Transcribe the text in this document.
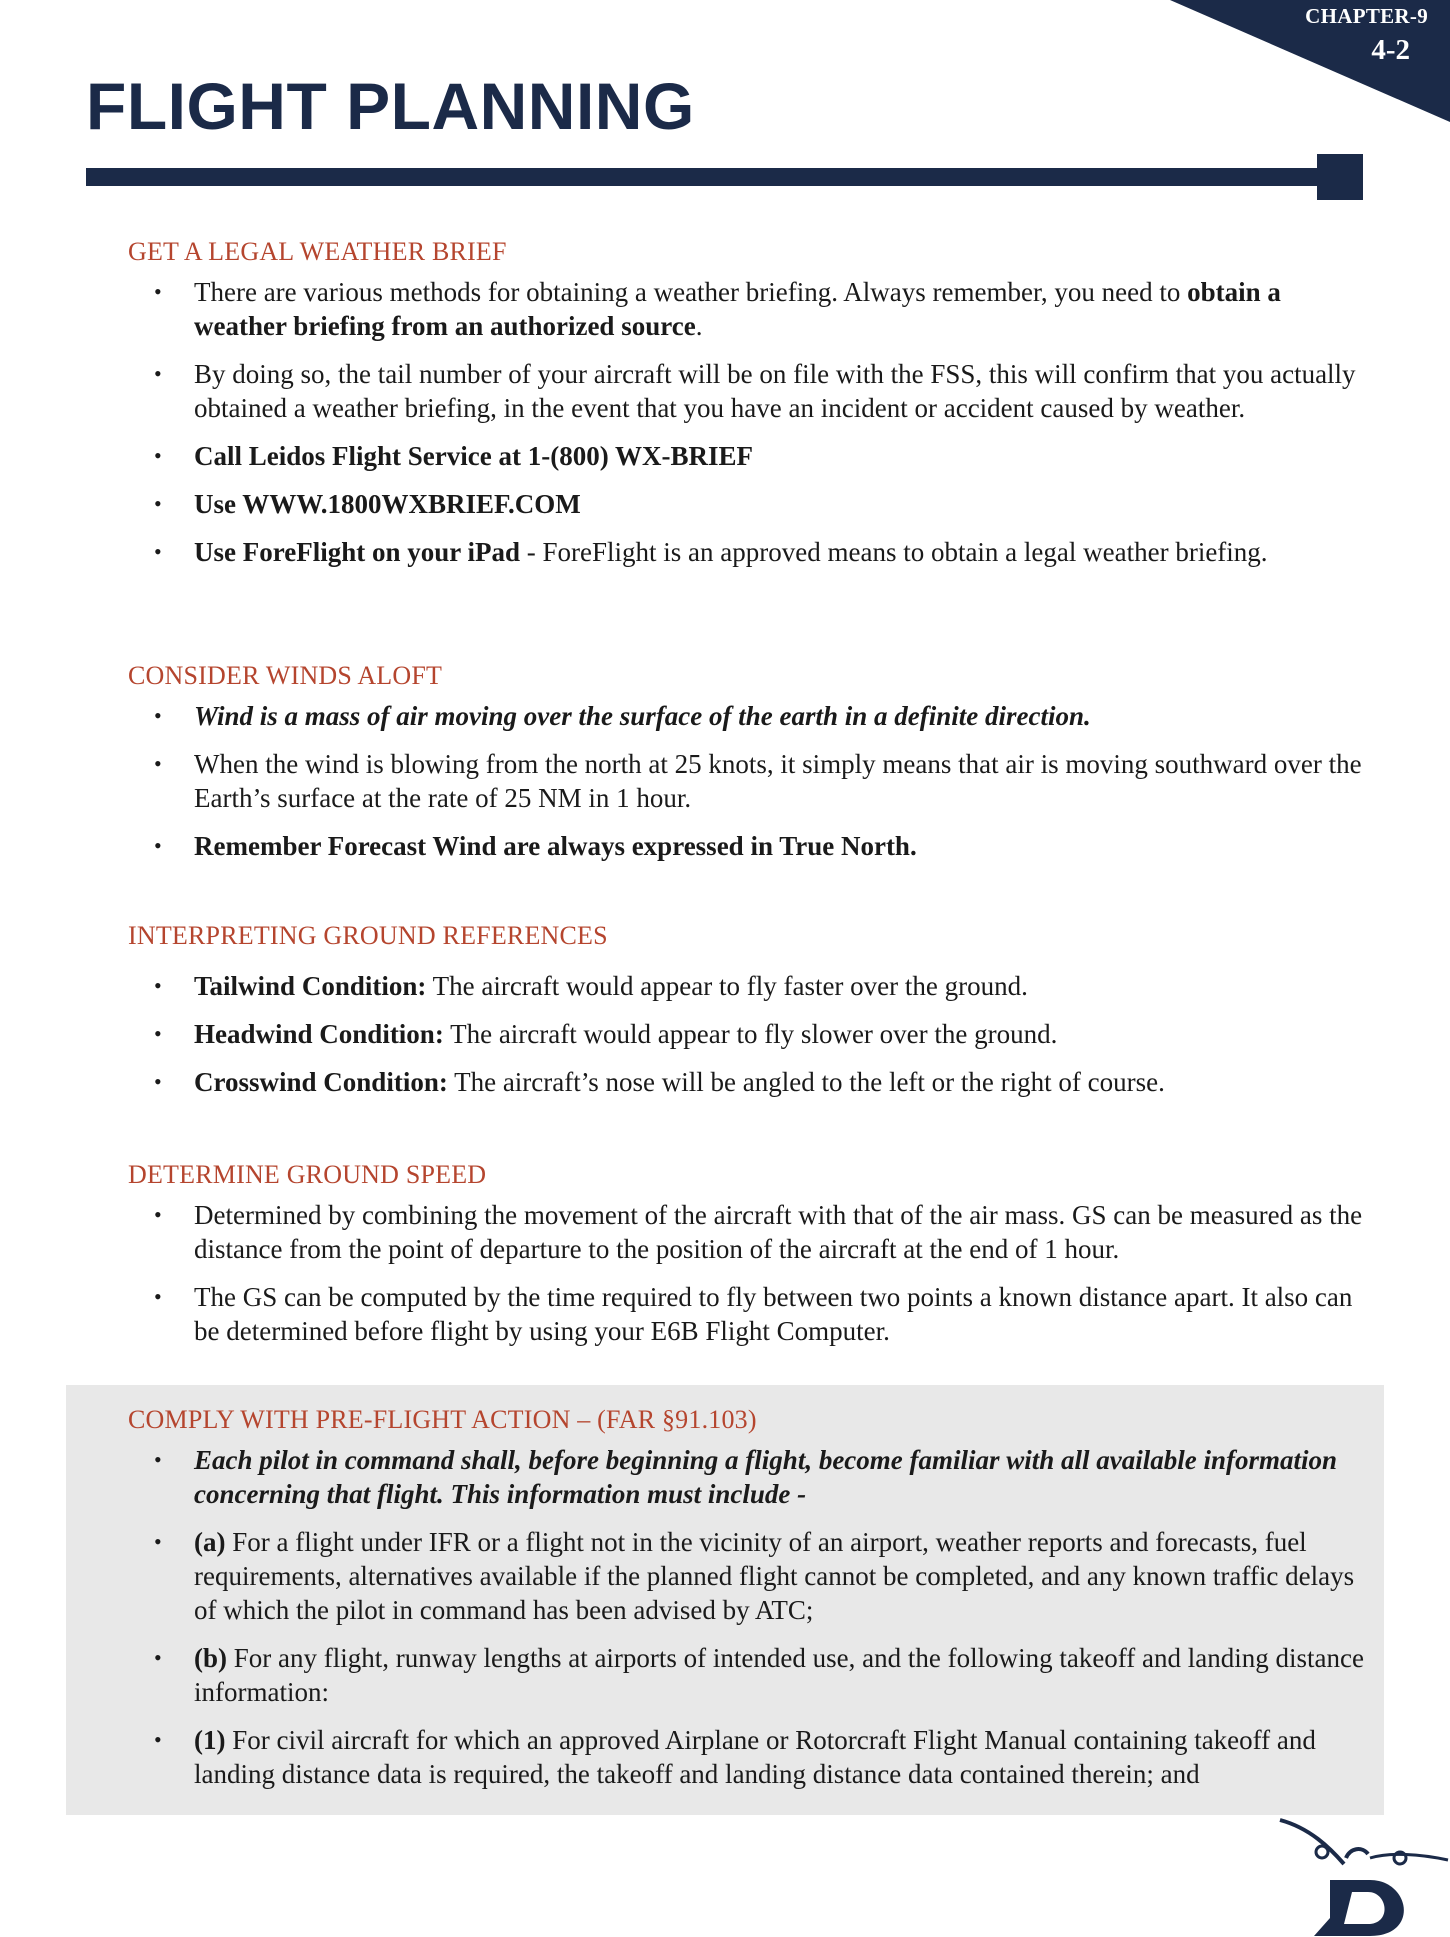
CHAPTER-9
4-2
FLIGHT PLANNING
GET A LEGAL WEATHER BRIEF
• There are various methods for obtaining a weather briefing. Always remember, you need to obtain a weather briefing from an authorized source.
• By doing so, the tail number of your aircraft will be on file with the FSS, this will confirm that you actually obtained a weather briefing, in the event that you have an incident or accident caused by weather.
• Call Leidos Flight Service at 1-(800) WX-BRIEF
• Use WWW.1800WXBRIEF.COM
• Use ForeFlight on your iPad - ForeFlight is an approved means to obtain a legal weather briefing.
CONSIDER WINDS ALOFT
• Wind is a mass of air moving over the surface of the earth in a definite direction.
• When the wind is blowing from the north at 25 knots, it simply means that air is moving southward over the Earth’s surface at the rate of 25 NM in 1 hour.
• Remember Forecast Wind are always expressed in True North.
INTERPRETING GROUND REFERENCES
• Tailwind Condition: The aircraft would appear to fly faster over the ground.
• Headwind Condition: The aircraft would appear to fly slower over the ground.
• Crosswind Condition: The aircraft’s nose will be angled to the left or the right of course.
DETERMINE GROUND SPEED
• Determined by combining the movement of the aircraft with that of the air mass. GS can be measured as the distance from the point of departure to the position of the aircraft at the end of 1 hour.
• The GS can be computed by the time required to fly between two points a known distance apart. It also can be determined before flight by using your E6B Flight Computer.
COMPLY WITH PRE-FLIGHT ACTION – (FAR §91.103)
• Each pilot in command shall, before beginning a flight, become familiar with all available information concerning that flight. This information must include -
• (a) For a flight under IFR or a flight not in the vicinity of an airport, weather reports and forecasts, fuel requirements, alternatives available if the planned flight cannot be completed, and any known traffic delays of which the pilot in command has been advised by ATC;
• (b) For any flight, runway lengths at airports of intended use, and the following takeoff and landing distance information:
• (1) For civil aircraft for which an approved Airplane or Rotorcraft Flight Manual containing takeoff and landing distance data is required, the takeoff and landing distance data contained therein; and
